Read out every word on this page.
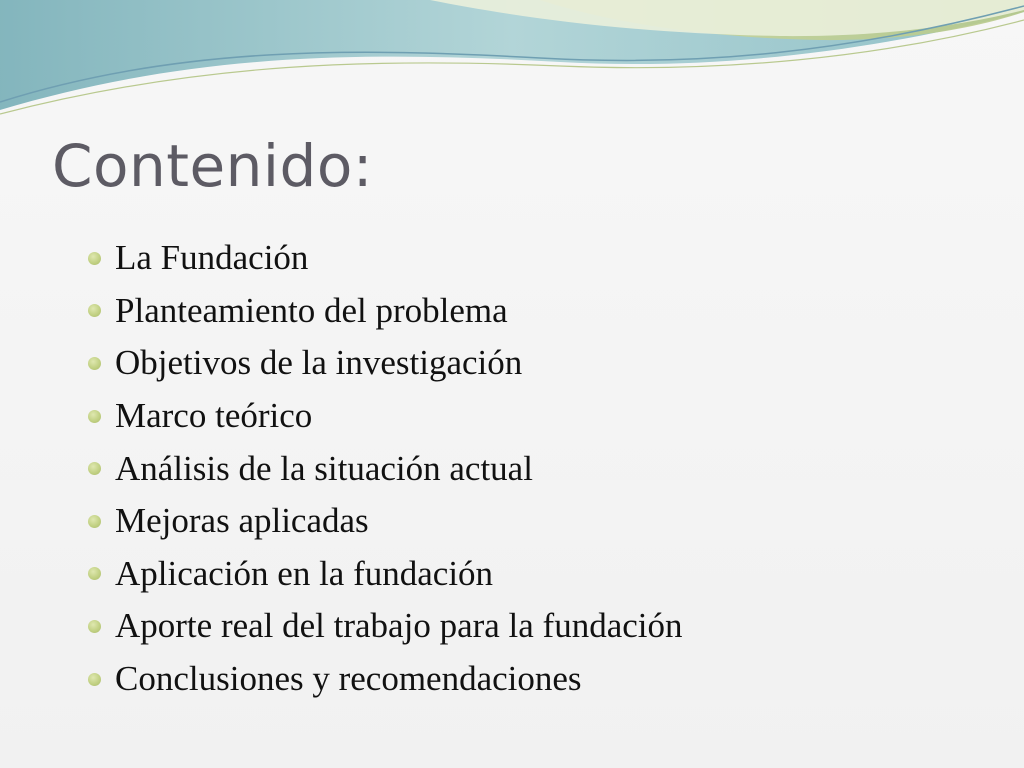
Contenido:
La Fundación
Planteamiento del problema
Objetivos de la investigación
Marco teórico
Análisis de la situación actual
Mejoras aplicadas
Aplicación en la fundación
Aporte real del trabajo para la fundación
Conclusiones y recomendaciones
